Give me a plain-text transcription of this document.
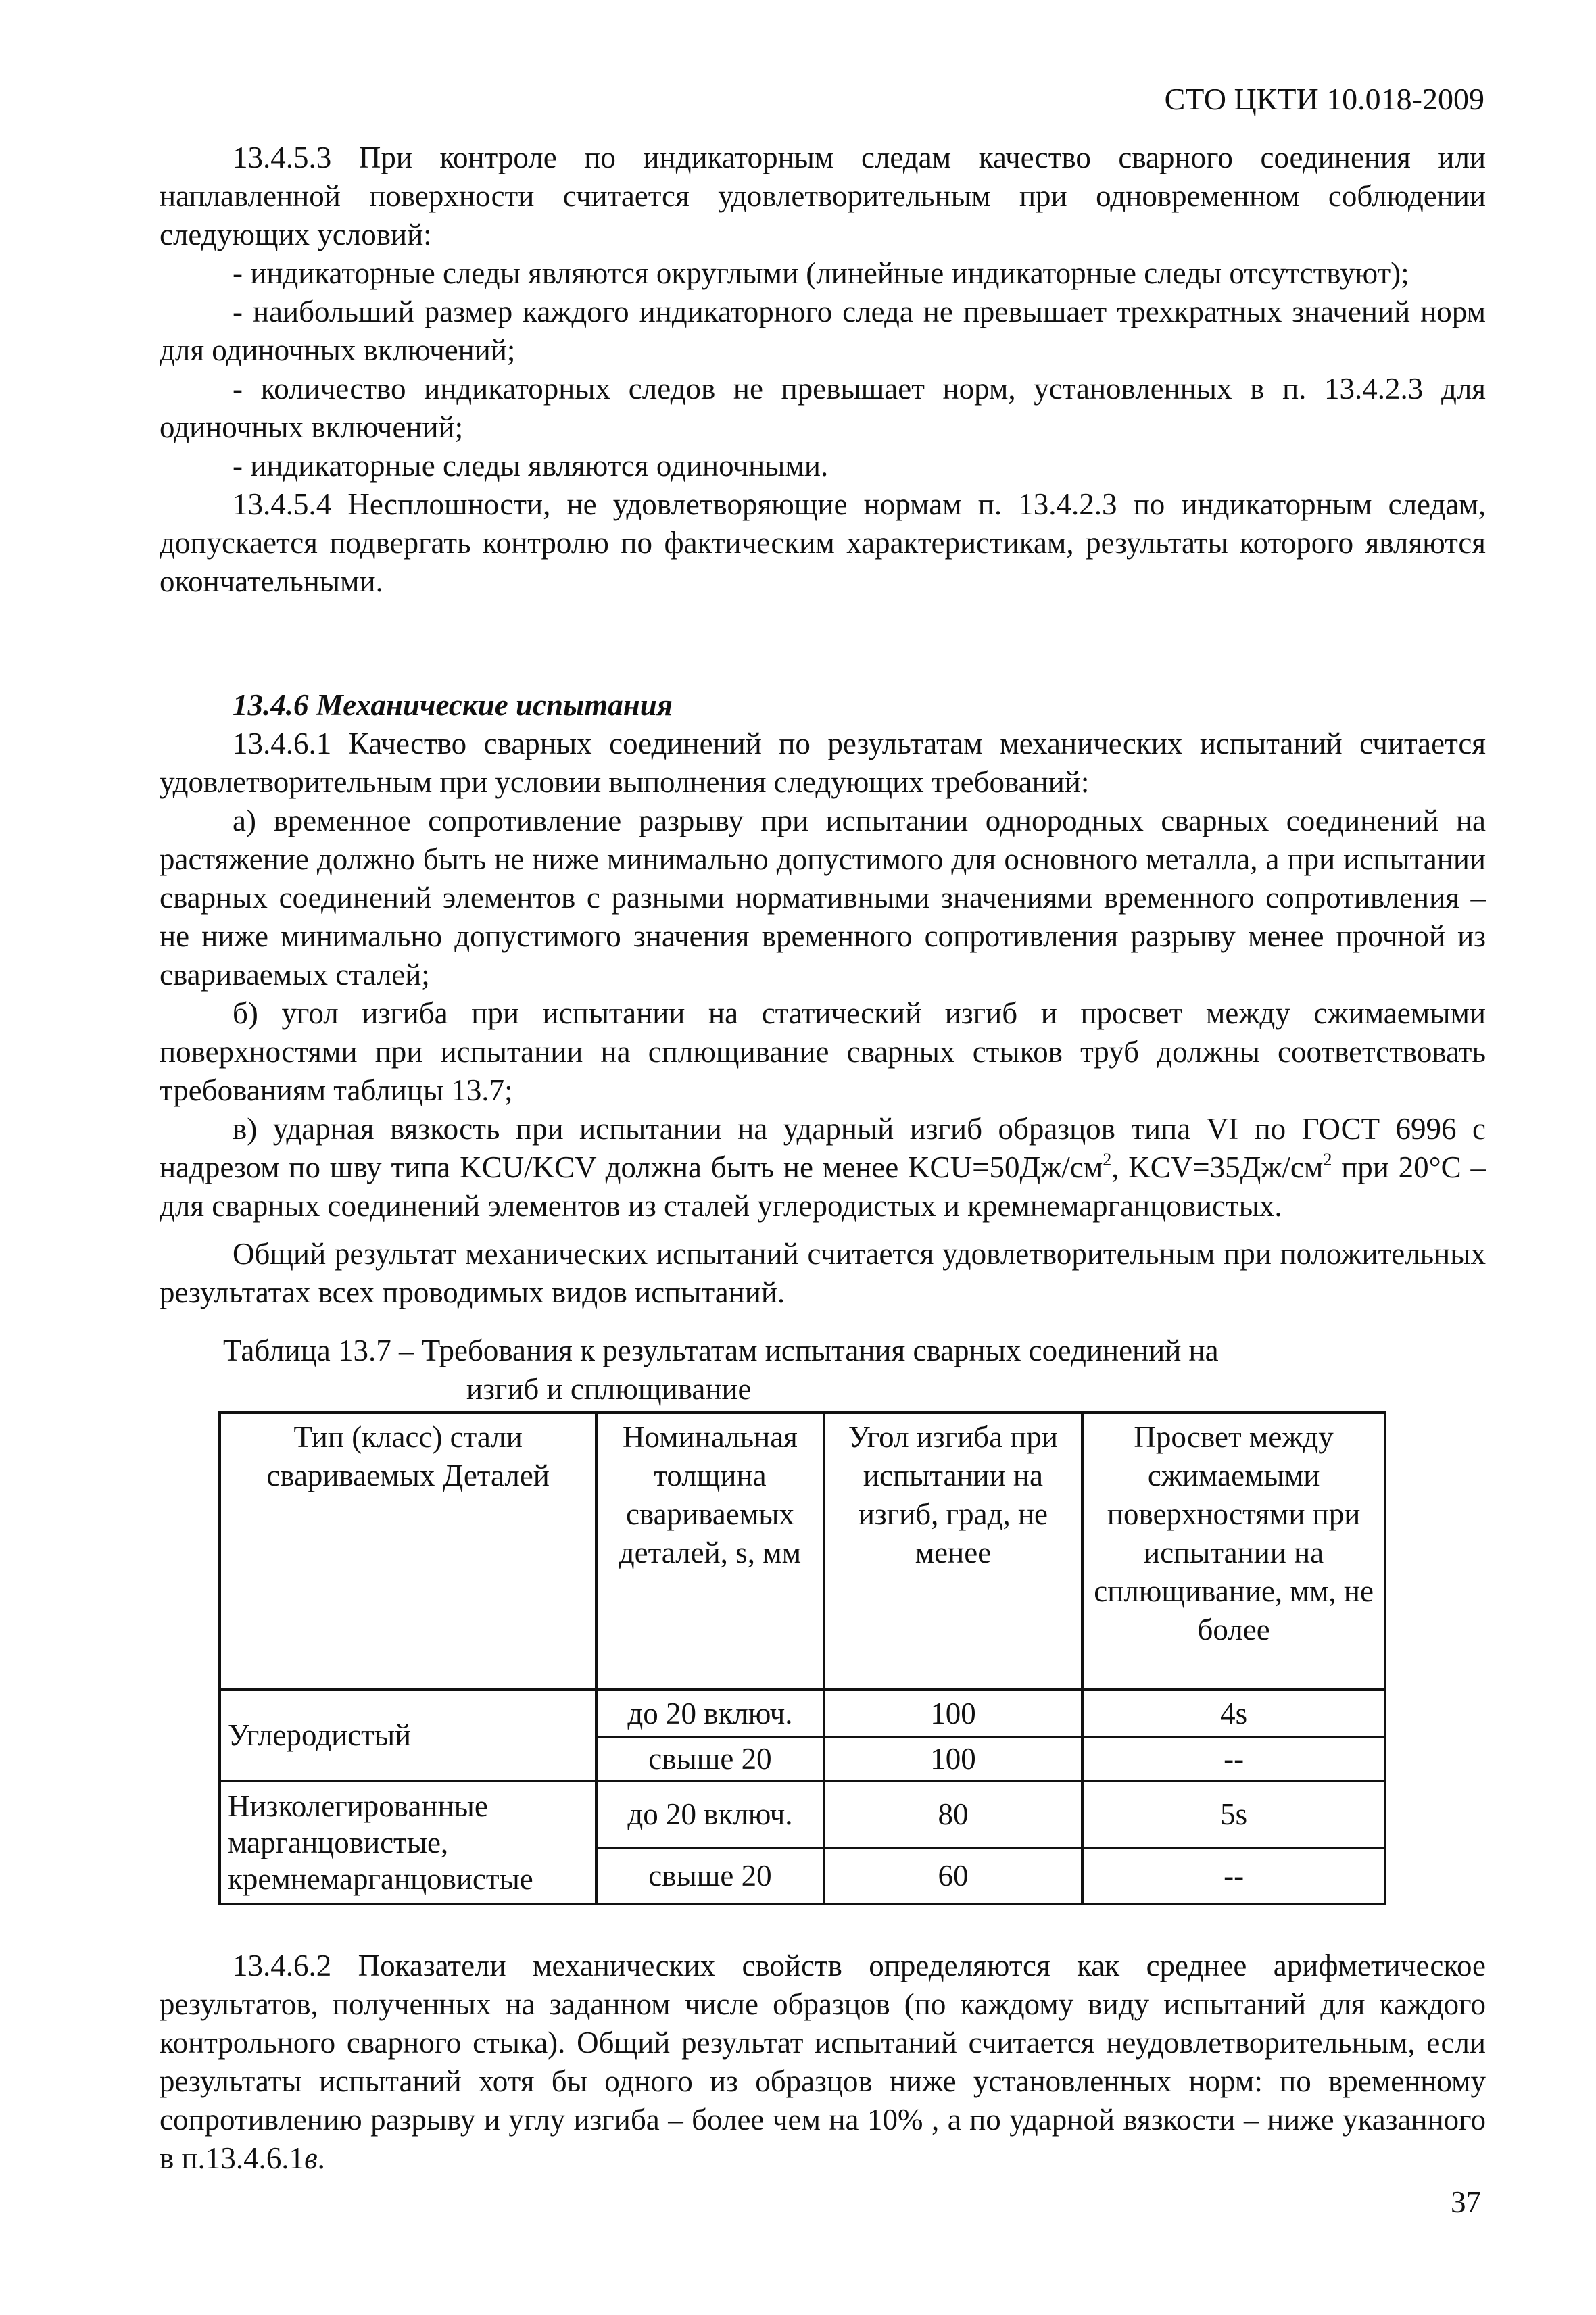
СТО ЦКТИ 10.018-2009

13.4.5.3 При контроле по индикаторным следам качество сварного соединения или наплавленной поверхности считается удовлетворительным при одновременном соблюдении следующих условий:

- индикаторные следы являются округлыми (линейные индикаторные следы отсутствуют);

- наибольший размер каждого индикаторного следа не превышает трехкратных значений норм для одиночных включений;

- количество индикаторных следов не превышает норм, установленных в п. 13.4.2.3 для одиночных включений;

- индикаторные следы являются одиночными.

13.4.5.4 Несплошности, не удовлетворяющие нормам п. 13.4.2.3 по индикаторным следам, допускается подвергать контролю по фактическим характеристикам, результаты которого являются окончательными.

13.4.6 Механические испытания

13.4.6.1 Качество сварных соединений по результатам механических испытаний считается удовлетворительным при условии выполнения следующих требований:

а) временное сопротивление разрыву при испытании однородных сварных соединений на растяжение должно быть не ниже минимально допустимого для основного металла, а при испытании сварных соединений элементов с разными нормативными значениями временного сопротивления – не ниже минимально допустимого значения временного сопротивления разрыву менее прочной из свариваемых сталей;

б) угол изгиба при испытании на статический изгиб и просвет между сжимаемыми поверхностями при испытании на сплющивание сварных стыков труб должны соответствовать требованиям таблицы 13.7;

в) ударная вязкость при испытании на ударный изгиб образцов типа VI по ГОСТ 6996 с надрезом по шву типа KCU/KCV должна быть не менее $KCU=50Дж/см^2$, $KCV=35Дж/см^2$ при 20°С – для сварных соединений элементов из сталей углеродистых и кремнемарганцовистых.

Общий результат механических испытаний считается удовлетворительным при положительных результатах всех проводимых видов испытаний.

Таблица 13.7 – Требования к результатам испытания сварных соединений на
изгиб и сплющивание
Тип (класс) стали свариваемых Деталей	Номинальная толщина свариваемых деталей, s, мм	Угол изгиба при испытании на изгиб, град, не менее	Просвет между сжимаемыми поверхностями при испытании на сплющивание, мм, не более
Углеродистый	до 20 включ.	100	4s
	свыше 20	100	--
Низколегированные марганцовистые, кремнемарганцовистые	до 20 включ.	80	5s
	свыше 20	60	--

13.4.6.2 Показатели механических свойств определяются как среднее арифметическое результатов, полученных на заданном числе образцов (по каждому виду испытаний для каждого контрольного сварного стыка). Общий результат испытаний считается неудовлетворительным, если результаты испытаний хотя бы одного из образцов ниже установленных норм: по временному сопротивлению разрыву и углу изгиба – более чем на 10% , а по ударной вязкости – ниже указанного в п.13.4.6.1в.

37
